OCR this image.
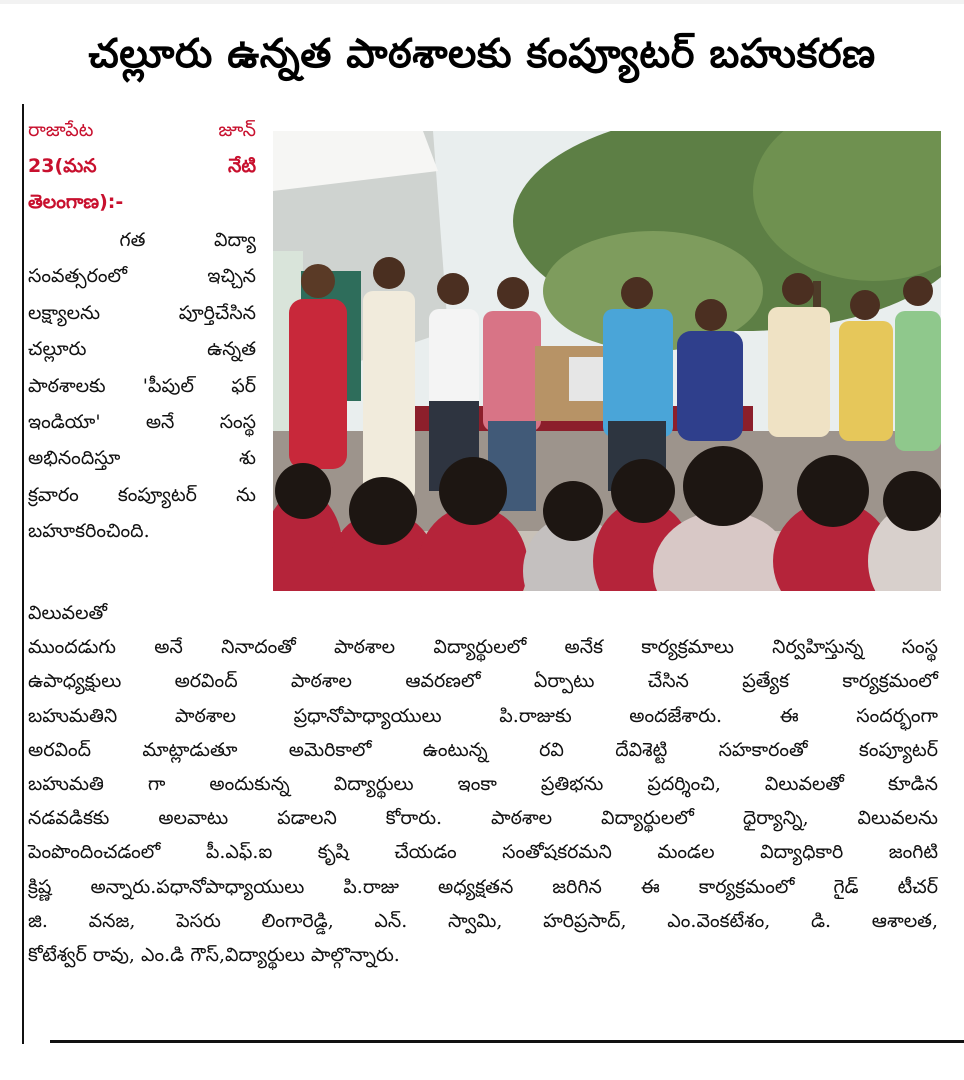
చల్లూరు ఉన్నత పాఠశాలకు కంప్యూటర్ బహుకరణ
రాజాపేట	జూన్
23(మన	నేటి
తెలంగాణ):-
గత      విద్యా
సంవత్సరంలో ఇచ్చిన
లక్ష్యాలను పూర్తిచేసిన
చల్లూరు        ఉన్నత
పాఠశాలకు 'పీపుల్ ఫర్
ఇండియా' అనే సంస్థ
అభినందిస్తూ       శు
క్రవారం కంప్యూటర్ ను
బహూకరించింది.
విలువలతో
ముందడుగు అనే నినాదంతో పాఠశాల విద్యార్థులలో అనేక కార్యక్రమాలు నిర్వహిస్తున్న సంస్థ
ఉపాధ్యక్షులు అరవింద్ పాఠశాల ఆవరణలో ఏర్పాటు చేసిన ప్రత్యేక కార్యక్రమంలో
బహుమతిని పాఠశాల ప్రధానోపాధ్యాయులు పి.రాజుకు అందజేశారు. ఈ సందర్భంగా
అరవింద్ మాట్లాడుతూ అమెరికాలో ఉంటున్న రవి దేవిశెట్టి సహకారంతో కంప్యూటర్
బహుమతి గా అందుకున్న విద్యార్థులు ఇంకా ప్రతిభను ప్రదర్శించి, విలువలతో కూడిన
నడవడికకు అలవాటు పడాలని కోరారు. పాఠశాల విద్యార్థులలో ధైర్యాన్ని, విలువలను
పెంపొందించడంలో పీ.ఎఫ్.ఐ కృషి చేయడం సంతోషకరమని మండల విద్యాధికారి జంగిటి
క్రిష్ణ అన్నారు.పధానోపాధ్యాయులు పి.రాజు అధ్యక్షతన జరిగిన ఈ కార్యక్రమంలో గైడ్ టీచర్
జి. వనజ, పెసరు లింగారెడ్డి, ఎన్. స్వామి, హరిప్రసాద్, ఎం.వెంకటేశం, డి. ఆశాలత,
కోటేశ్వర్ రావు, ఎం.డి గౌస్,విద్యార్థులు పాల్గొన్నారు.
